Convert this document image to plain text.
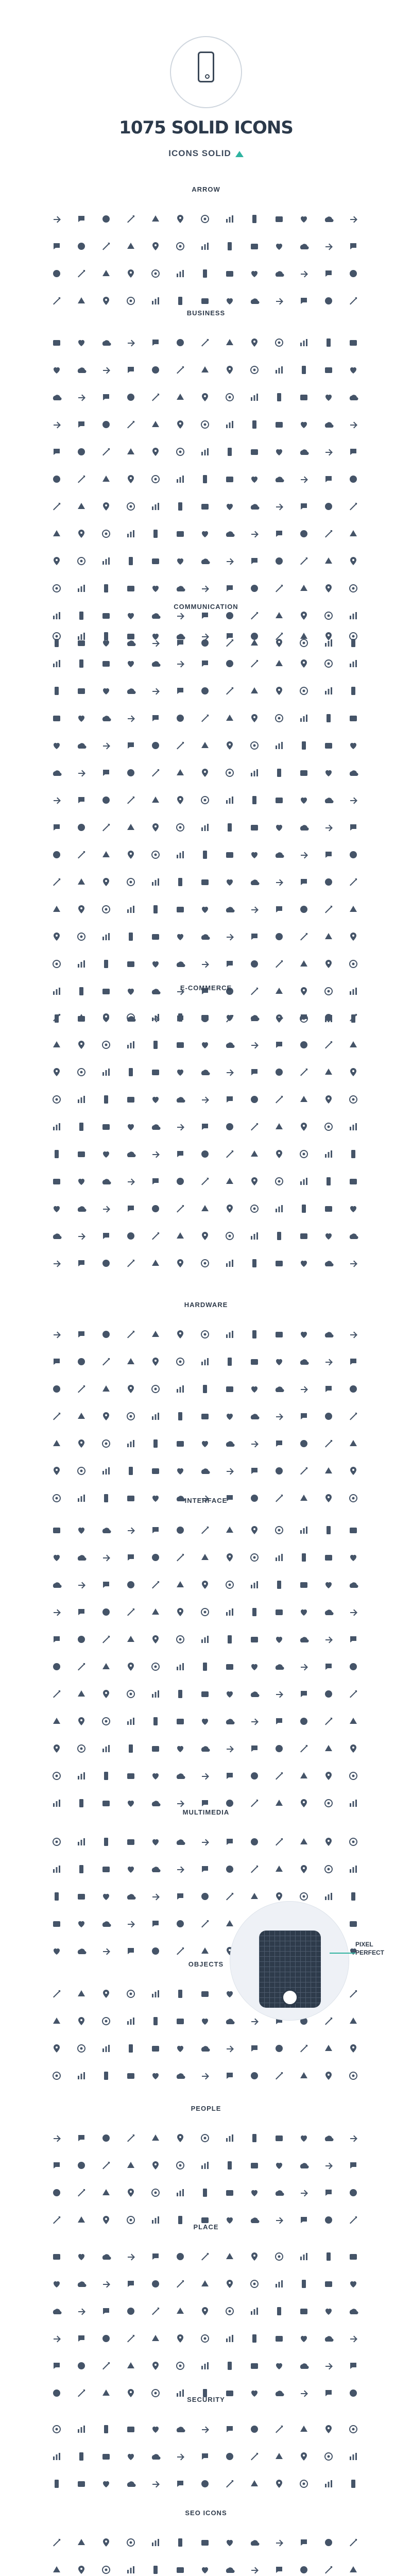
1075 SOLID ICONS
ICONS SOLID
ARROW
BUSINESS
COMMUNICATION
E-COMMERCE
HARDWARE
INTERFACE
MULTIMEDIA
OBJECTS
PEOPLE
PLACE
SECURITY
SEO ICONS
PIXEL
PERFECT
